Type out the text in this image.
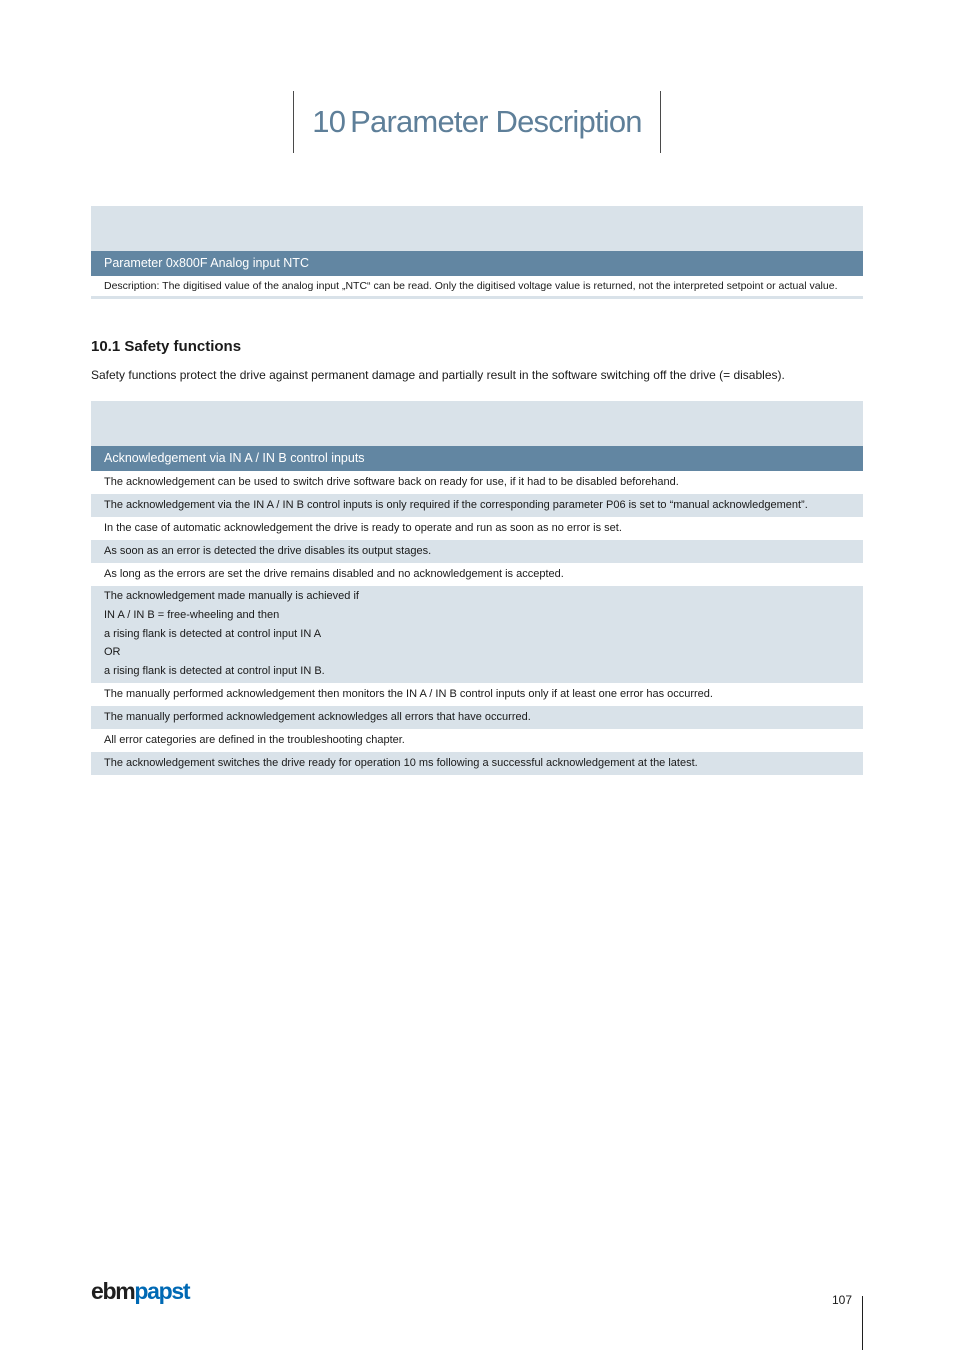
10 Parameter Description
Parameter 0x800F Analog input NTC
Description: The digitised value of the analog input „NTC“ can be read. Only the digitised voltage value is returned, not the interpreted setpoint or actual value.
10.1 Safety functions
Safety functions protect the drive against permanent damage and partially result in the software switching off the drive (= disables).
Acknowledgement via IN A / IN B control inputs
The acknowledgement can be used to switch drive software back on ready for use, if it had to be disabled beforehand.
The acknowledgement via the IN A / IN B control inputs is only required if the corresponding parameter P06 is set to “manual acknowledgement”.
In the case of automatic acknowledgement the drive is ready to operate and run as soon as no error is set.
As soon as an error is detected the drive disables its output stages.
As long as the errors are set the drive remains disabled and no acknowledgement is accepted.
The acknowledgement made manually is achieved if
IN A / IN B = free-wheeling and then
a rising flank is detected at control input IN A
OR
a rising flank is detected at control input IN B.
The manually performed acknowledgement then monitors the IN A / IN B control inputs only if at least one error has occurred.
The manually performed acknowledgement acknowledges all errors that have occurred.
All error categories are defined in the troubleshooting chapter.
The acknowledgement switches the drive ready for operation 10 ms following a successful acknowledgement at the latest.
ebmpapst	107
